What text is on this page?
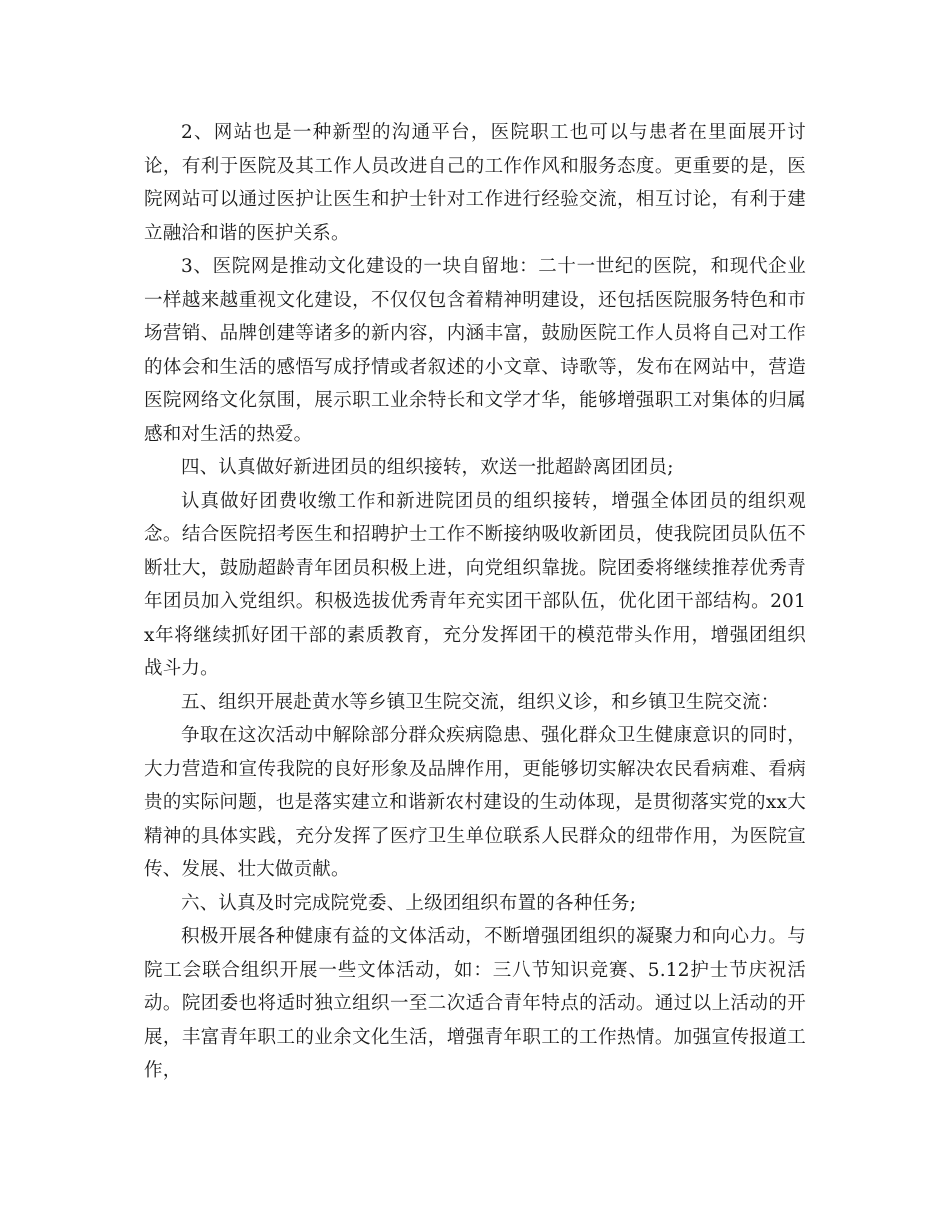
2、网站也是一种新型的沟通平台，医院职工也可以与患者在里面展开讨论，有利于医院及其工作人员改进自己的工作作风和服务态度。更重要的是，医院网站可以通过医护让医生和护士针对工作进行经验交流，相互讨论，有利于建立融洽和谐的医护关系。

3、医院网是推动文化建设的一块自留地：二十一世纪的医院，和现代企业一样越来越重视文化建设，不仅仅包含着精神明建设，还包括医院服务特色和市场营销、品牌创建等诸多的新内容，内涵丰富，鼓励医院工作人员将自己对工作的体会和生活的感悟写成抒情或者叙述的小文章、诗歌等，发布在网站中，营造医院网络文化氛围，展示职工业余特长和文学才华，能够增强职工对集体的归属感和对生活的热爱。

四、认真做好新进团员的组织接转，欢送一批超龄离团团员;

认真做好团费收缴工作和新进院团员的组织接转，增强全体团员的组织观念。结合医院招考医生和招聘护士工作不断接纳吸收新团员，使我院团员队伍不断壮大，鼓励超龄青年团员积极上进，向党组织靠拢。院团委将继续推荐优秀青年团员加入党组织。积极选拔优秀青年充实团干部队伍，优化团干部结构。201x年将继续抓好团干部的素质教育，充分发挥团干的模范带头作用，增强团组织战斗力。

五、组织开展赴黄水等乡镇卫生院交流，组织义诊，和乡镇卫生院交流：

争取在这次活动中解除部分群众疾病隐患、强化群众卫生健康意识的同时，大力营造和宣传我院的良好形象及品牌作用，更能够切实解决农民看病难、看病贵的实际问题，也是落实建立和谐新农村建设的生动体现，是贯彻落实党的xx大精神的具体实践，充分发挥了医疗卫生单位联系人民群众的纽带作用，为医院宣传、发展、壮大做贡献。

六、认真及时完成院党委、上级团组织布置的各种任务;

积极开展各种健康有益的文体活动，不断增强团组织的凝聚力和向心力。与院工会联合组织开展一些文体活动，如：三八节知识竞赛、5.12护士节庆祝活动。院团委也将适时独立组织一至二次适合青年特点的活动。通过以上活动的开展，丰富青年职工的业余文化生活，增强青年职工的工作热情。加强宣传报道工作，
